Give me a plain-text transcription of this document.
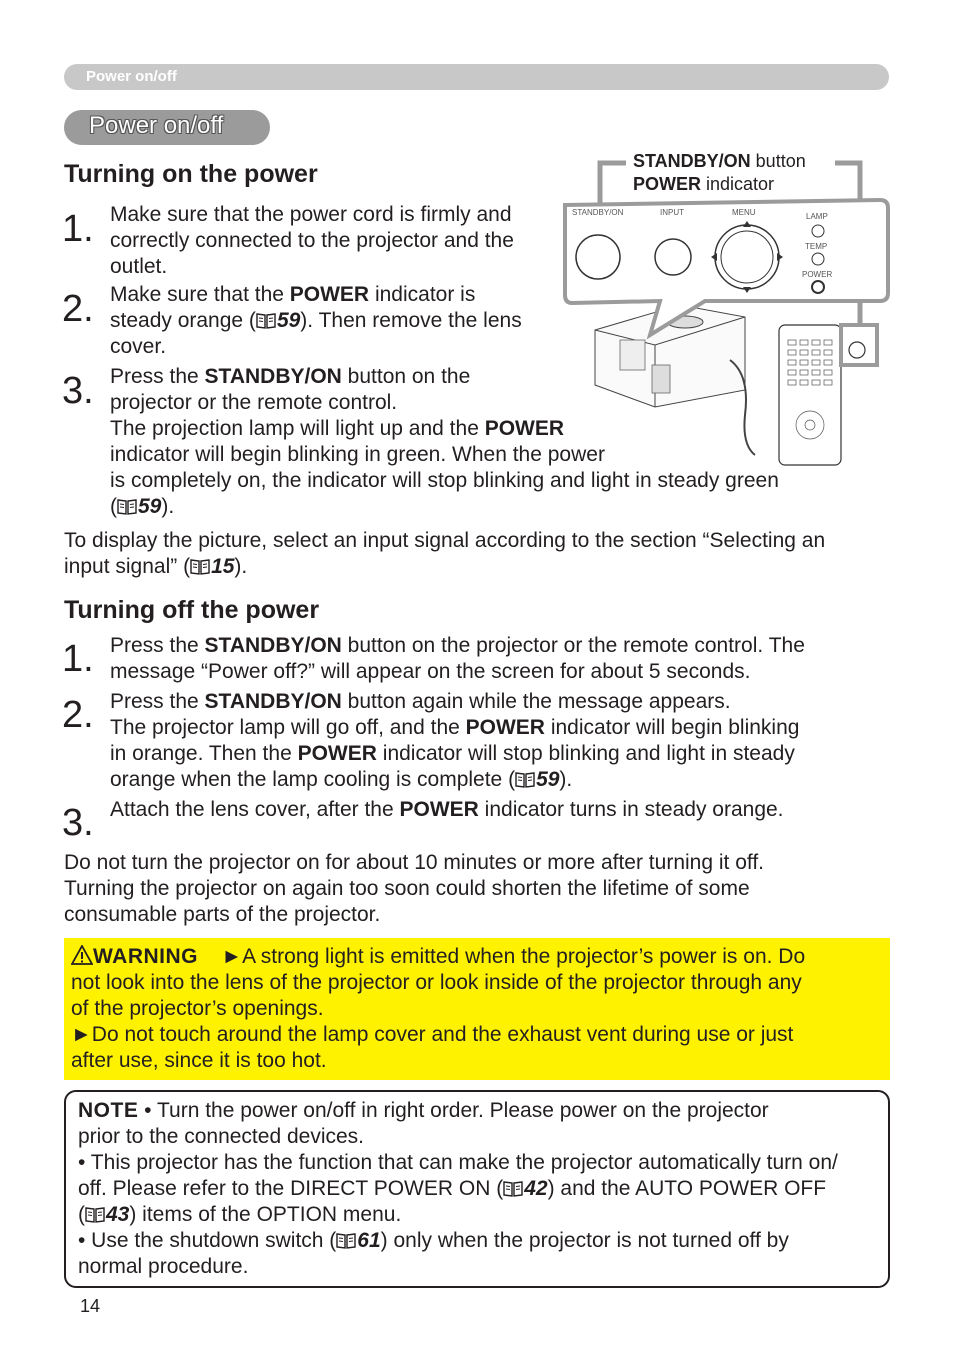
Power on/off
Power on/off
Turning on the power
1. Make sure that the power cord is firmly and
correctly connected to the projector and the
outlet.
2. Make sure that the POWER indicator is
steady orange ( 59). Then remove the lens
cover.
3. Press the STANDBY/ON button on the
projector or the remote control.
The projection lamp will light up and the POWER
indicator will begin blinking in green. When the power
is completely on, the indicator will stop blinking and light in steady green
( 59).
To display the picture, select an input signal according to the section “Selecting an
input signal” ( 15).
STANDBY/ON button
POWER indicator
STANDBY/ON	INPUT	MENU	LAMP
TEMP
POWER
Turning off the power
1. Press the STANDBY/ON button on the projector or the remote control. The
message “Power off?” will appear on the screen for about 5 seconds.
2. Press the STANDBY/ON button again while the message appears.
The projector lamp will go off, and the POWER indicator will begin blinking
in orange. Then the POWER indicator will stop blinking and light in steady
orange when the lamp cooling is complete ( 59).
3. Attach the lens cover, after the POWER indicator turns in steady orange.
Do not turn the projector on for about 10 minutes or more after turning it off.
Turning the projector on again too soon could shorten the lifetime of some
consumable parts of the projector.
WARNING ►A strong light is emitted when the projector’s power is on. Do
not look into the lens of the projector or look inside of the projector through any
of the projector’s openings.
►Do not touch around the lamp cover and the exhaust vent during use or just
after use, since it is too hot.
NOTE • Turn the power on/off in right order. Please power on the projector
prior to the connected devices.
• This projector has the function that can make the projector automatically turn on/
off. Please refer to the DIRECT POWER ON ( 42) and the AUTO POWER OFF
( 43) items of the OPTION menu.
• Use the shutdown switch ( 61) only when the projector is not turned off by
normal procedure.
14
